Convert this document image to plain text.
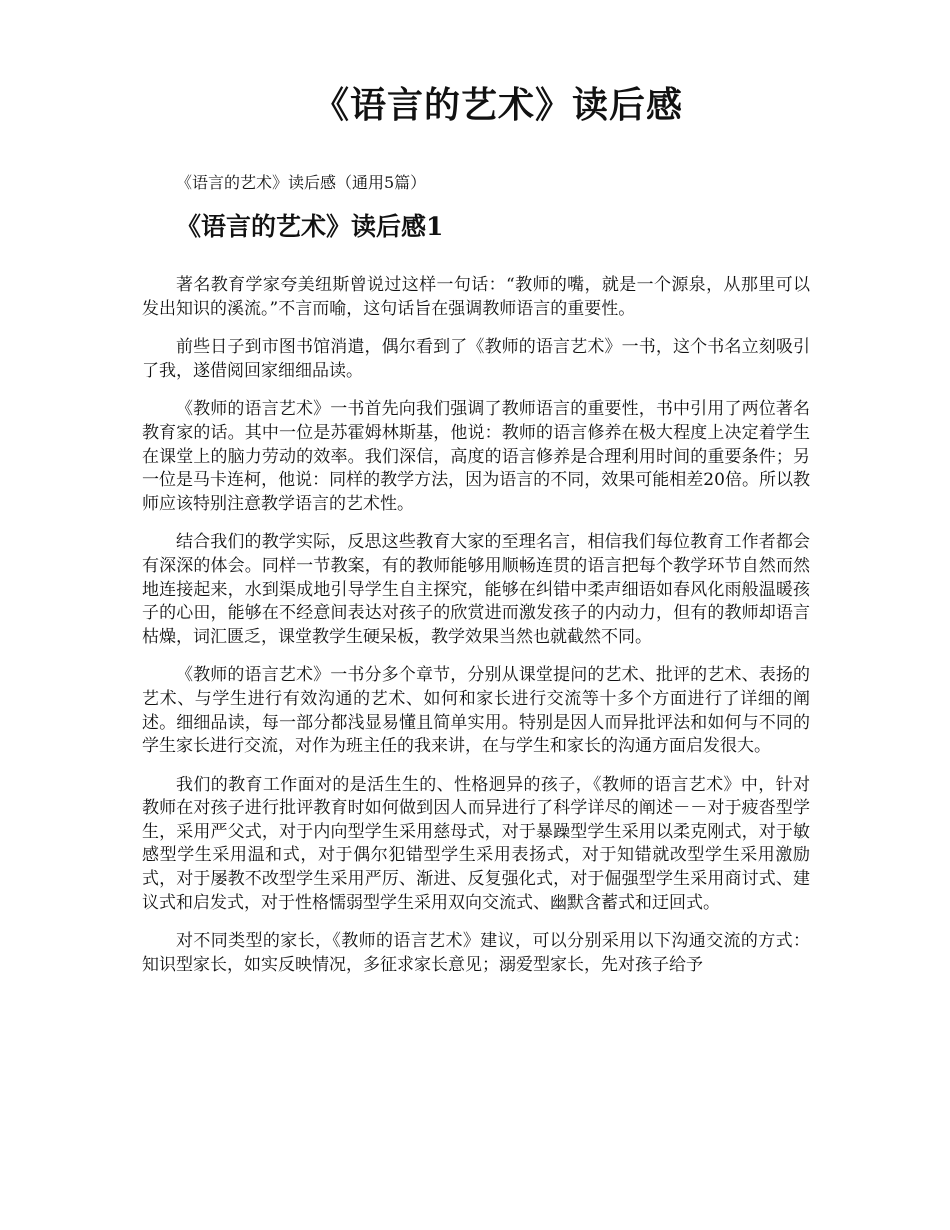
《语言的艺术》读后感

《语言的艺术》读后感（通用5篇）

《语言的艺术》读后感1

著名教育学家夸美纽斯曾说过这样一句话：“教师的嘴，就是一个源泉，从那里可以发出知识的溪流。”不言而喻，这句话旨在强调教师语言的重要性。

前些日子到市图书馆消遣，偶尔看到了《教师的语言艺术》一书，这个书名立刻吸引了我，遂借阅回家细细品读。

《教师的语言艺术》一书首先向我们强调了教师语言的重要性，书中引用了两位著名教育家的话。其中一位是苏霍姆林斯基，他说：教师的语言修养在极大程度上决定着学生在课堂上的脑力劳动的效率。我们深信，高度的语言修养是合理利用时间的重要条件；另一位是马卡连柯，他说：同样的教学方法，因为语言的不同，效果可能相差20倍。所以教师应该特别注意教学语言的艺术性。

结合我们的教学实际，反思这些教育大家的至理名言，相信我们每位教育工作者都会有深深的体会。同样一节教案，有的教师能够用顺畅连贯的语言把每个教学环节自然而然地连接起来，水到渠成地引导学生自主探究，能够在纠错中柔声细语如春风化雨般温暖孩子的心田，能够在不经意间表达对孩子的欣赏进而激发孩子的内动力，但有的教师却语言枯燥，词汇匮乏，课堂教学生硬呆板，教学效果当然也就截然不同。

《教师的语言艺术》一书分多个章节，分别从课堂提问的艺术、批评的艺术、表扬的艺术、与学生进行有效沟通的艺术、如何和家长进行交流等十多个方面进行了详细的阐述。细细品读，每一部分都浅显易懂且简单实用。特别是因人而异批评法和如何与不同的学生家长进行交流，对作为班主任的我来讲，在与学生和家长的沟通方面启发很大。

我们的教育工作面对的是活生生的、性格迥异的孩子，《教师的语言艺术》中，针对教师在对孩子进行批评教育时如何做到因人而异进行了科学详尽的阐述－－对于疲沓型学生，采用严父式，对于内向型学生采用慈母式，对于暴躁型学生采用以柔克刚式，对于敏感型学生采用温和式，对于偶尔犯错型学生采用表扬式，对于知错就改型学生采用激励式，对于屡教不改型学生采用严厉、渐进、反复强化式，对于倔强型学生采用商讨式、建议式和启发式，对于性格懦弱型学生采用双向交流式、幽默含蓄式和迂回式。

对不同类型的家长，《教师的语言艺术》建议，可以分别采用以下沟通交流的方式：知识型家长，如实反映情况，多征求家长意见；溺爱型家长，先对孩子给予
